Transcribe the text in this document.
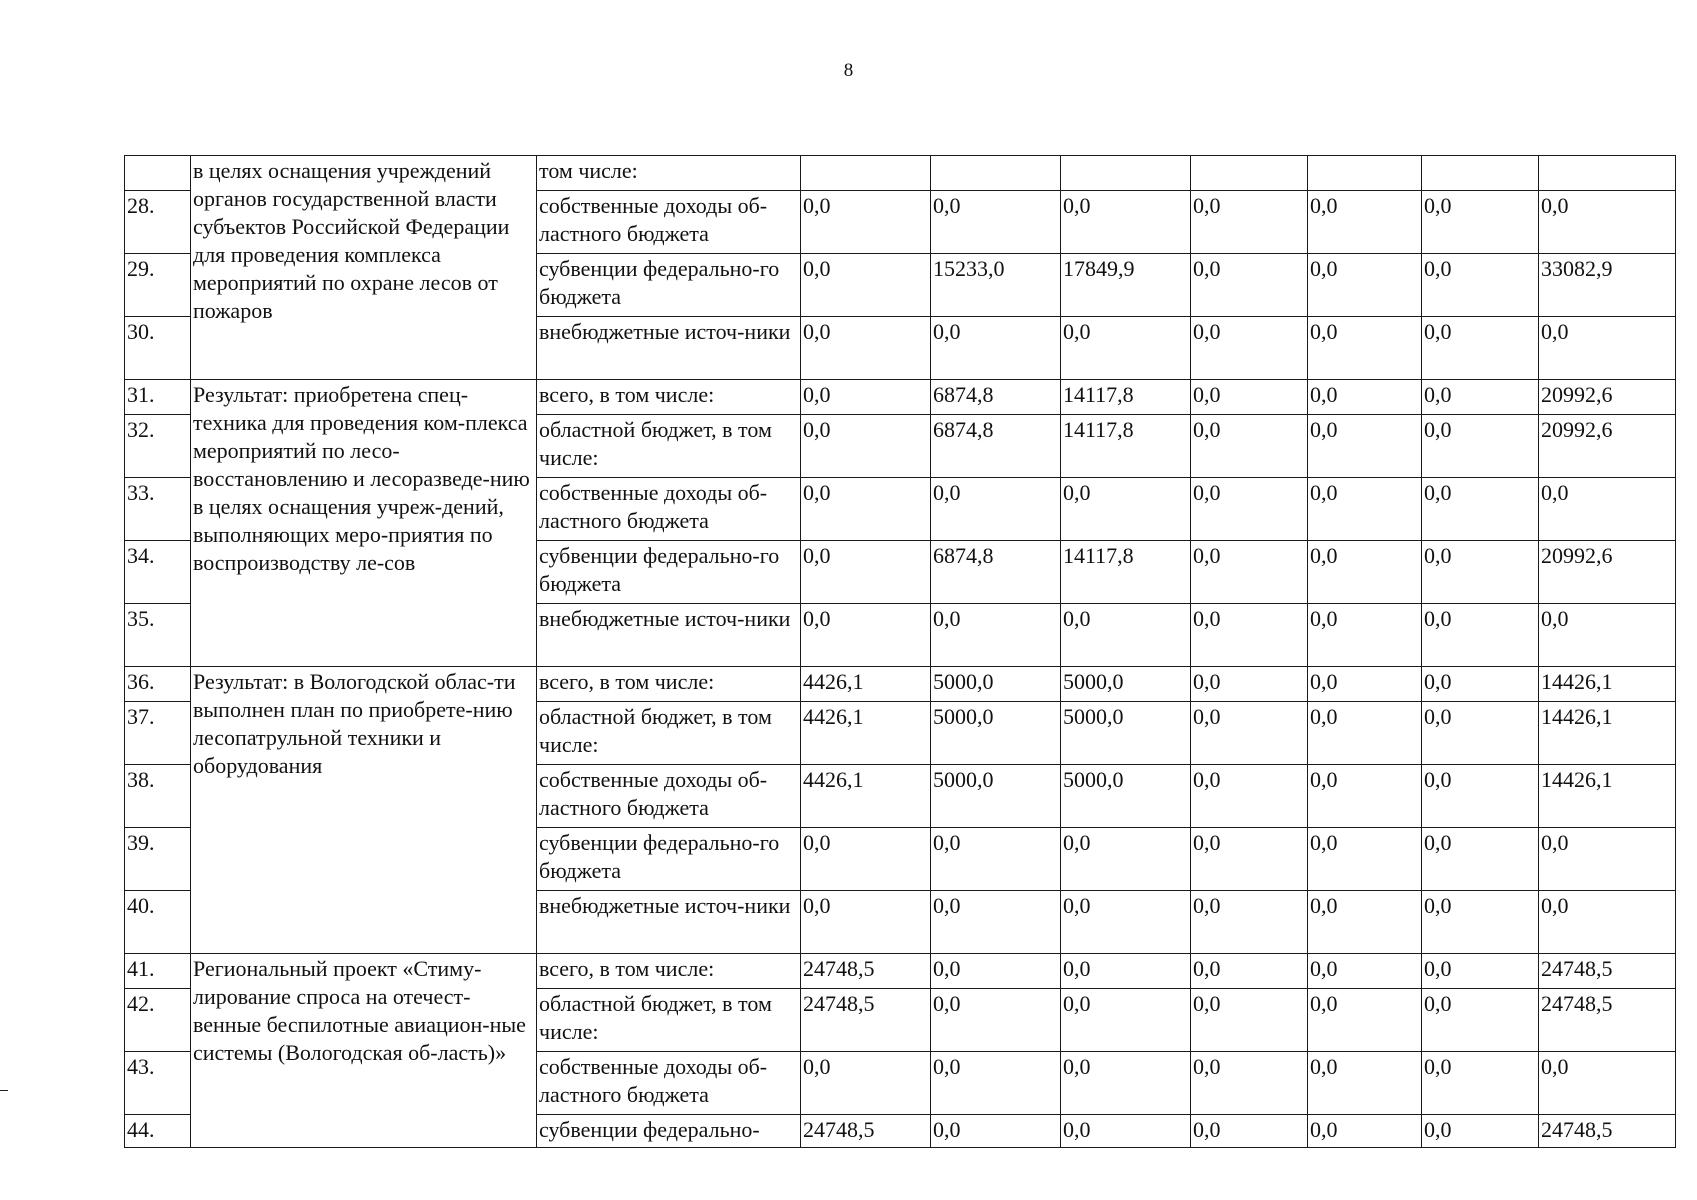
8
	в целях оснащения учреждений органов государственной власти субъектов Российской Федерации для проведения комплекса мероприятий по охране лесов от пожаров	том числе:							
28.		собственные доходы об-ластного бюджета	0,0	0,0	0,0	0,0	0,0	0,0	0,0
29.		субвенции федерально-го бюджета	0,0	15233,0	17849,9	0,0	0,0	0,0	33082,9
30.		внебюджетные источ-ники	0,0	0,0	0,0	0,0	0,0	0,0	0,0
31.	Результат: приобретена спец-техника для проведения ком-плекса мероприятий по лесо-восстановлению и лесоразведе-нию в целях оснащения учреж-дений, выполняющих меро-приятия по воспроизводству ле-сов	всего, в том числе:	0,0	6874,8	14117,8	0,0	0,0	0,0	20992,6
32.		областной бюджет, в том числе:	0,0	6874,8	14117,8	0,0	0,0	0,0	20992,6
33.		собственные доходы об-ластного бюджета	0,0	0,0	0,0	0,0	0,0	0,0	0,0
34.		субвенции федерально-го бюджета	0,0	6874,8	14117,8	0,0	0,0	0,0	20992,6
35.		внебюджетные источ-ники	0,0	0,0	0,0	0,0	0,0	0,0	0,0
36.	Результат: в Вологодской облас-ти выполнен план по приобрете-нию лесопатрульной техники и оборудования	всего, в том числе:	4426,1	5000,0	5000,0	0,0	0,0	0,0	14426,1
37.		областной бюджет, в том числе:	4426,1	5000,0	5000,0	0,0	0,0	0,0	14426,1
38.		собственные доходы об-ластного бюджета	4426,1	5000,0	5000,0	0,0	0,0	0,0	14426,1
39.		субвенции федерально-го бюджета	0,0	0,0	0,0	0,0	0,0	0,0	0,0
40.		внебюджетные источ-ники	0,0	0,0	0,0	0,0	0,0	0,0	0,0
41.	Региональный проект «Стиму-лирование спроса на отечест-венные беспилотные авиацион-ные системы (Вологодская об-ласть)»	всего, в том числе:	24748,5	0,0	0,0	0,0	0,0	0,0	24748,5
42.		областной бюджет, в том числе:	24748,5	0,0	0,0	0,0	0,0	0,0	24748,5
43.		собственные доходы об-ластного бюджета	0,0	0,0	0,0	0,0	0,0	0,0	0,0
44.		субвенции федерально-	24748,5	0,0	0,0	0,0	0,0	0,0	24748,5
